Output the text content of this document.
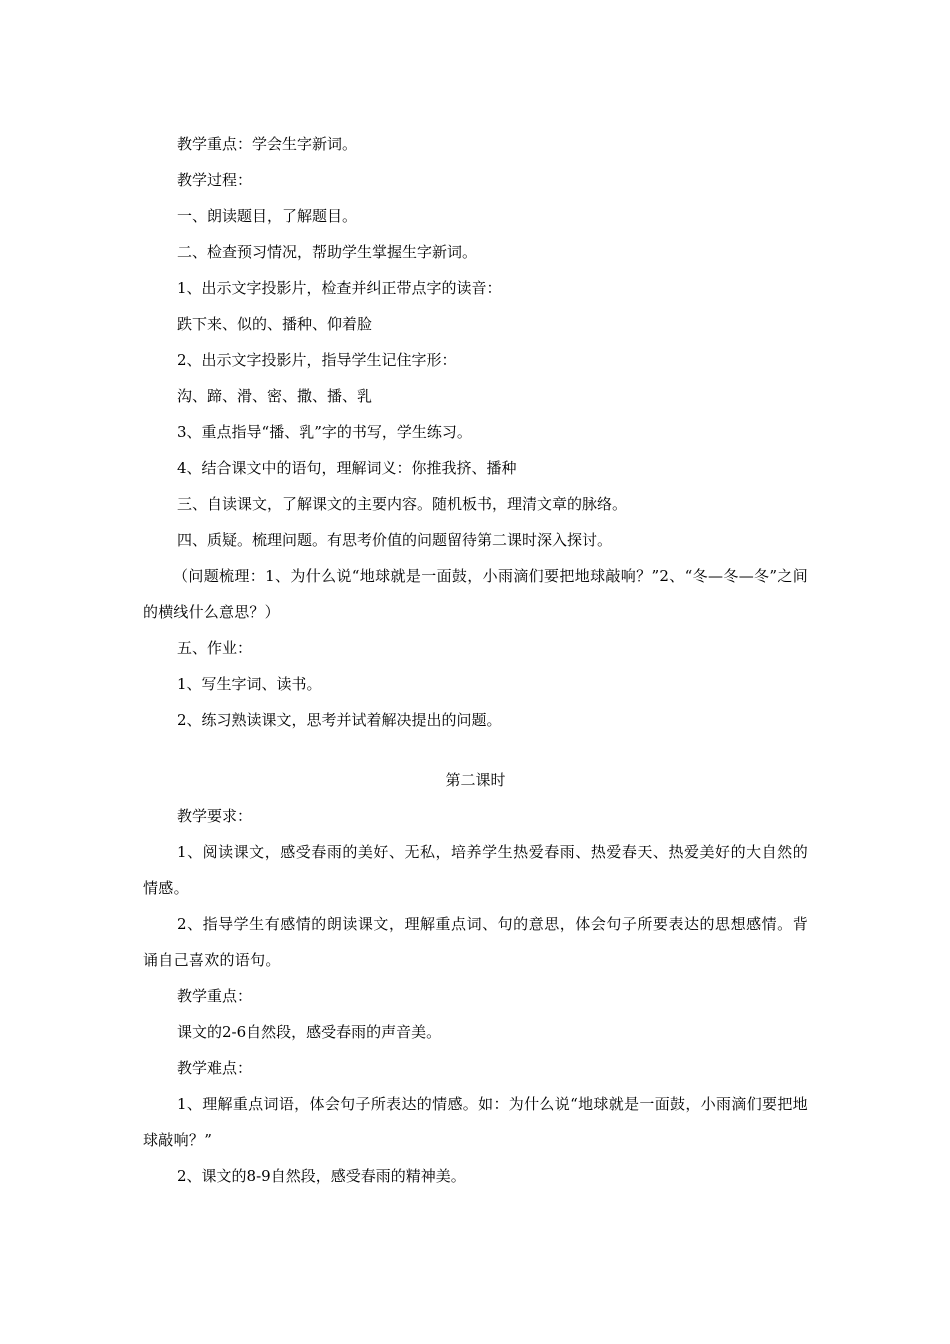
教学重点：学会生字新词。

教学过程：

一、朗读题目，了解题目。

二、检查预习情况，帮助学生掌握生字新词。

1、出示文字投影片，检查并纠正带点字的读音：

跌下来、似的、播种、仰着脸

2、出示文字投影片，指导学生记住字形：

沟、蹄、滑、密、撒、播、乳

3、重点指导“播、乳”字的书写，学生练习。

4、结合课文中的语句，理解词义：你推我挤、播种

三、自读课文，了解课文的主要内容。随机板书，理清文章的脉络。

四、质疑。梳理问题。有思考价值的问题留待第二课时深入探讨。

（问题梳理：1、为什么说“地球就是一面鼓，小雨滴们要把地球敲响？”2、“冬—冬—冬”之间的横线什么意思？）

五、作业：

1、写生字词、读书。

2、练习熟读课文，思考并试着解决提出的问题。

第二课时

教学要求：

1、阅读课文，感受春雨的美好、无私，培养学生热爱春雨、热爱春天、热爱美好的大自然的情感。

2、指导学生有感情的朗读课文，理解重点词、句的意思，体会句子所要表达的思想感情。背诵自己喜欢的语句。

教学重点：

课文的2-6自然段，感受春雨的声音美。

教学难点：

1、理解重点词语，体会句子所表达的情感。如：为什么说“地球就是一面鼓，小雨滴们要把地球敲响？”

2、课文的8-9自然段，感受春雨的精神美。
